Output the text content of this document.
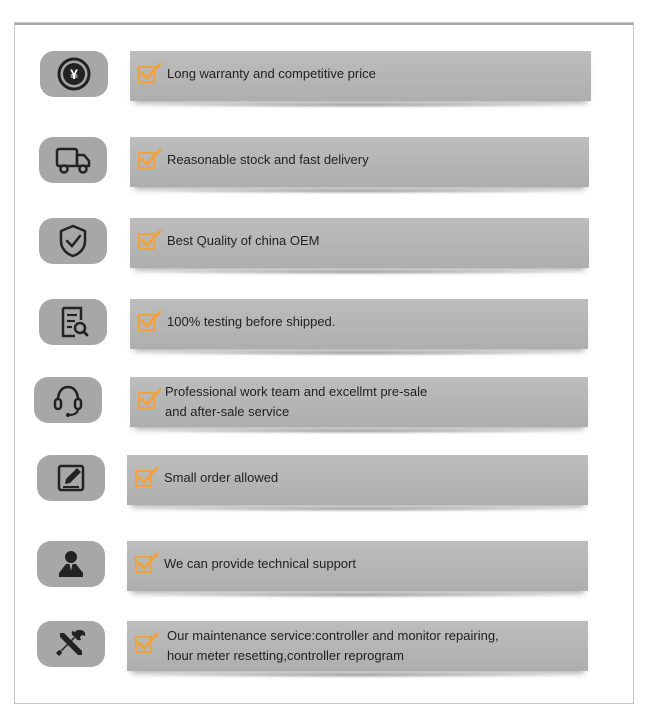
¥	Long warranty and competitive price
Reasonable stock and fast delivery
Best Quality of china OEM
100% testing before shipped.
Professional work team and excellmt pre-sale
and after-sale service
Small order allowed
We can provide technical support
Our maintenance service:controller and monitor repairing,
hour meter resetting,controller reprogram
